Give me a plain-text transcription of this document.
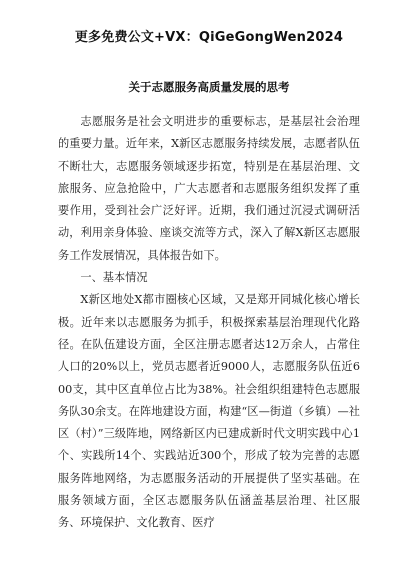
更多免费公文+VX：QiGeGongWen2024
关于志愿服务高质量发展的思考

志愿服务是社会文明进步的重要标志，是基层社会治理的重要力量。近年来，X新区志愿服务持续发展，志愿者队伍不断壮大，志愿服务领域逐步拓宽，特别是在基层治理、文旅服务、应急抢险中，广大志愿者和志愿服务组织发挥了重要作用，受到社会广泛好评。近期，我们通过沉浸式调研活动，利用亲身体验、座谈交流等方式，深入了解X新区志愿服务工作发展情况，具体报告如下。

一、基本情况

X新区地处X都市圈核心区域，又是郑开同城化核心增长极。近年来以志愿服务为抓手，积极探索基层治理现代化路径。在队伍建设方面，全区注册志愿者达12万余人，占常住人口的20%以上，党员志愿者近9000人，志愿服务队伍近600支，其中区直单位占比为38%。社会组织组建特色志愿服务队30余支。在阵地建设方面，构建“区—街道（乡镇）—社区（村）”三级阵地，网络新区内已建成新时代文明实践中心1个、实践所14个、实践站近300个，形成了较为完善的志愿服务阵地网络，为志愿服务活动的开展提供了坚实基础。在服务领域方面，全区志愿服务队伍涵盖基层治理、社区服务、环境保护、文化教育、医疗
